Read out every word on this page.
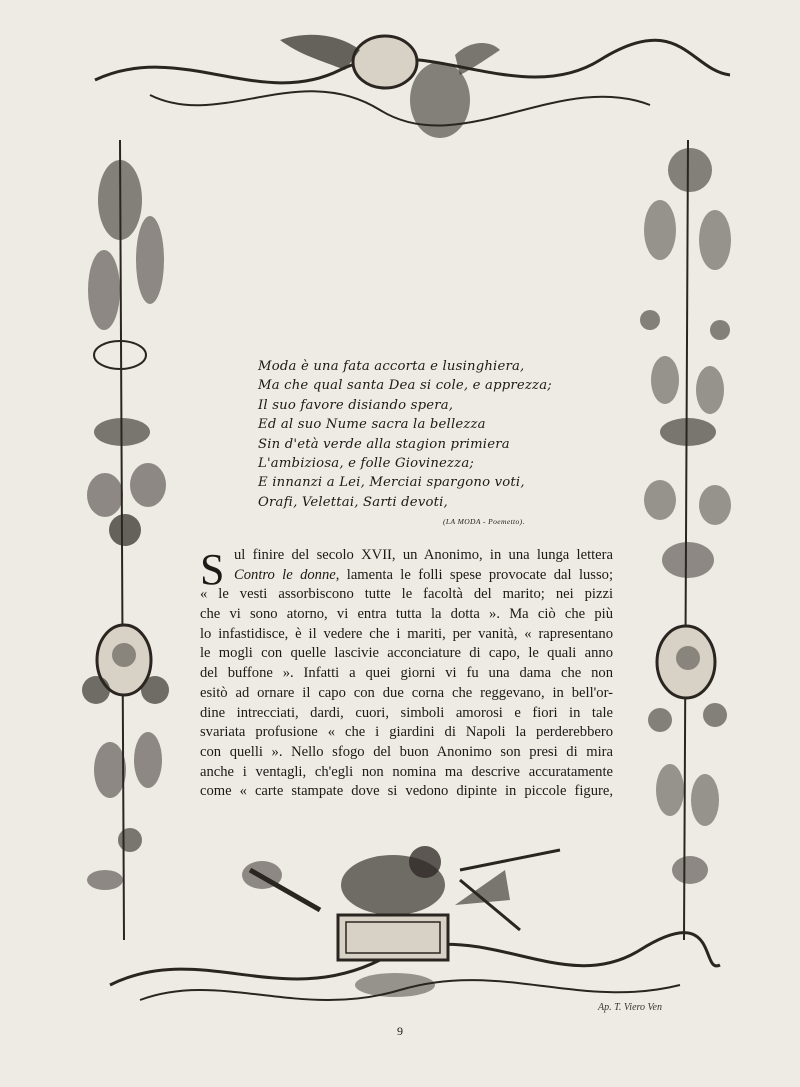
Moda è una fata accorta e lusinghiera,
Ma che qual santa Dea si cole, e apprezza;
Il suo favore disiando spera,
Ed al suo Nume sacra la bellezza
Sin d'età verde alla stagion primiera
L'ambiziosa, e folle Giovinezza;
E innanzi a Lei, Merciai spargono voti,
Orafi, Velettai, Sarti devoti,
(LA MODA - Poemetto).
S ul finire del secolo XVII, un Anonimo, in una lunga lettera
Contro le donne, lamenta le folli spese provocate dal lusso;
« le vesti assorbiscono tutte le facoltà del marito; nei pizzi
che vi sono atorno, vi entra tutta la dotta ». Ma ciò che più
lo infastidisce, è il vedere che i mariti, per vanità, « rapresentano
le mogli con quelle lascivie acconciature di capo, le quali anno
del buffone ». Infatti a quei giorni vi fu una dama che non
esitò ad ornare il capo con due corna che reggevano, in bell'or-
dine intrecciati, dardi, cuori, simboli amorosi e fiori in tale
svariata profusione « che i giardini di Napoli la perderebbero
con quelli ». Nello sfogo del buon Anonimo son presi di mira
anche i ventagli, ch'egli non nomina ma descrive accuratamente
come « carte stampate dove si vedono dipinte in piccole figure,
Ap. T. Viero Ven
9
